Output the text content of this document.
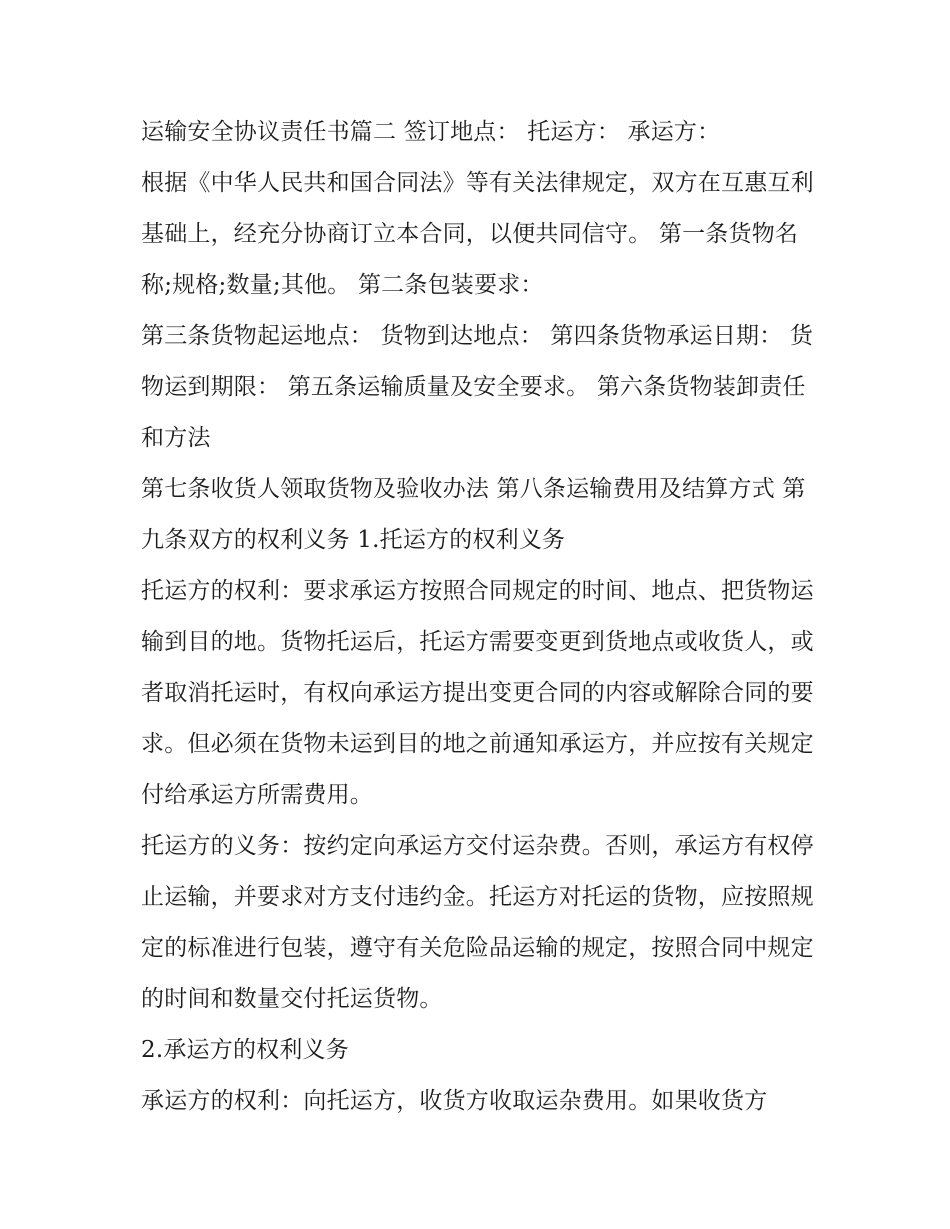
运输安全协议责任书篇二 签订地点： 托运方： 承运方：

根据《中华人民共和国合同法》等有关法律规定，双方在互惠互利基础上，经充分协商订立本合同，以便共同信守。 第一条货物名称;规格;数量;其他。 第二条包装要求：

第三条货物起运地点： 货物到达地点： 第四条货物承运日期： 货物运到期限： 第五条运输质量及安全要求。 第六条货物装卸责任和方法

第七条收货人领取货物及验收办法 第八条运输费用及结算方式 第九条双方的权利义务 1.托运方的权利义务

托运方的权利：要求承运方按照合同规定的时间、地点、把货物运输到目的地。货物托运后，托运方需要变更到货地点或收货人，或者取消托运时，有权向承运方提出变更合同的内容或解除合同的要求。但必须在货物未运到目的地之前通知承运方，并应按有关规定付给承运方所需费用。

托运方的义务：按约定向承运方交付运杂费。否则，承运方有权停止运输，并要求对方支付违约金。托运方对托运的货物，应按照规定的标准进行包装，遵守有关危险品运输的规定，按照合同中规定的时间和数量交付托运货物。

2.承运方的权利义务

承运方的权利：向托运方，收货方收取运杂费用。如果收货方
